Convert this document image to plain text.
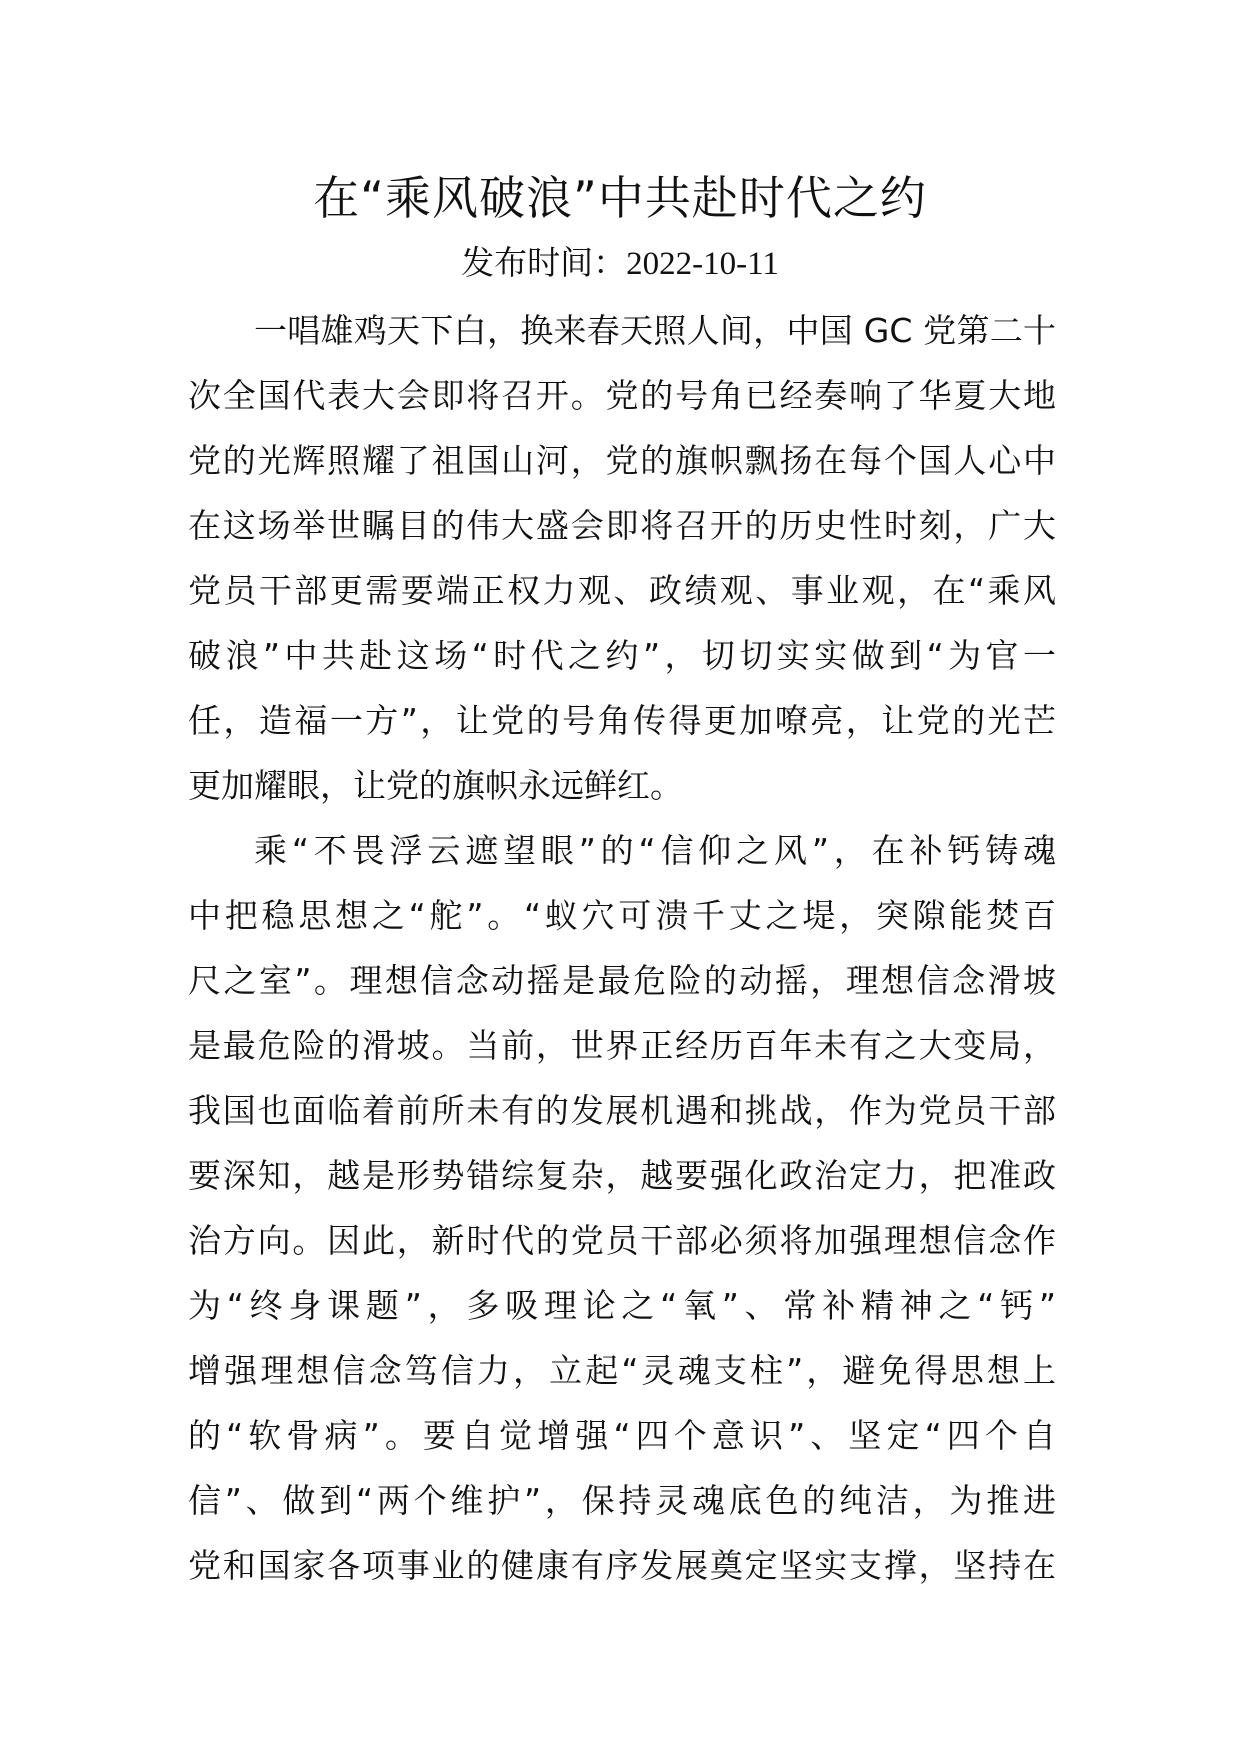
在“乘风破浪”中共赴时代之约
发布时间：2022-10-11
一唱雄鸡天下白，换来春天照人间，中国 GC 党第二十
次全国代表大会即将召开。党的号角已经奏响了华夏大地
党的光辉照耀了祖国山河，党的旗帜飘扬在每个国人心中
在这场举世瞩目的伟大盛会即将召开的历史性时刻，广大
党员干部更需要端正权力观、政绩观、事业观，在“乘风
破浪”中共赴这场“时代之约”，切切实实做到“为官一
任，造福一方”，让党的号角传得更加嘹亮，让党的光芒
更加耀眼，让党的旗帜永远鲜红。
乘“不畏浮云遮望眼”的“信仰之风”，在补钙铸魂
中把稳思想之“舵”。“蚁穴可溃千丈之堤，突隙能焚百
尺之室”。理想信念动摇是最危险的动摇，理想信念滑坡
是最危险的滑坡。当前，世界正经历百年未有之大变局，
我国也面临着前所未有的发展机遇和挑战，作为党员干部
要深知，越是形势错综复杂，越要强化政治定力，把准政
治方向。因此，新时代的党员干部必须将加强理想信念作
为“终身课题”，多吸理论之“氧”、常补精神之“钙”
增强理想信念笃信力，立起“灵魂支柱”，避免得思想上
的“软骨病”。要自觉增强“四个意识”、坚定“四个自
信”、做到“两个维护”，保持灵魂底色的纯洁，为推进
党和国家各项事业的健康有序发展奠定坚实支撑，坚持在
